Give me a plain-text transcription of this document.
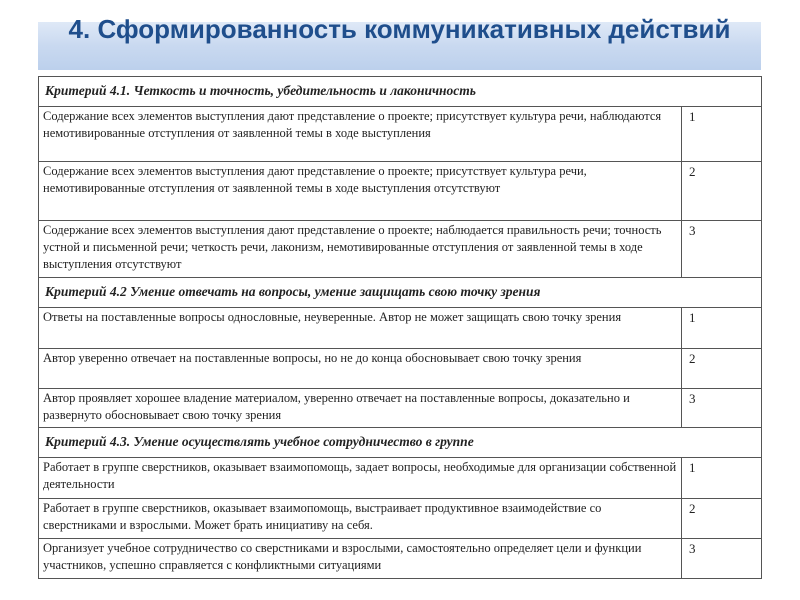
4. Сформированность коммуникативных действий
Критерий 4.1. Четкость и точность, убедительность и лаконичность	
Содержание всех элементов выступления дают представление о проекте; присутствует культура речи, наблюдаются немотивированные отступления от заявленной темы в ходе выступления	1
Содержание всех элементов выступления дают представление о проекте; присутствует культура речи, немотивированные отступления от заявленной темы в ходе выступления отсутствуют	2
Содержание всех элементов выступления дают представление о проекте; наблюдается правильность речи; точность устной и письменной речи; четкость речи, лаконизм, немотивированные отступления от заявленной темы в ходе выступления отсутствуют	3
Критерий 4.2 Умение отвечать на вопросы, умение защищать свою точку зрения	
Ответы на поставленные вопросы однословные, неуверенные. Автор не может защищать свою точку зрения	1
Автор уверенно отвечает на поставленные вопросы, но не до конца обосновывает свою точку зрения	2
Автор проявляет хорошее владение материалом, уверенно отвечает на поставленные вопросы, доказательно и развернуто обосновывает свою точку зрения	3
Критерий 4.3. Умение осуществлять учебное сотрудничество в группе	
Работает в группе сверстников, оказывает взаимопомощь, задает вопросы, необходимые для организации собственной деятельности	1
Работает в группе сверстников, оказывает взаимопомощь, выстраивает продуктивное взаимодействие со сверстниками и взрослыми. Может брать инициативу на себя.	2
Организует учебное сотрудничество со сверстниками и взрослыми, самостоятельно определяет цели и функции участников, успешно справляется с конфликтными ситуациями	3
